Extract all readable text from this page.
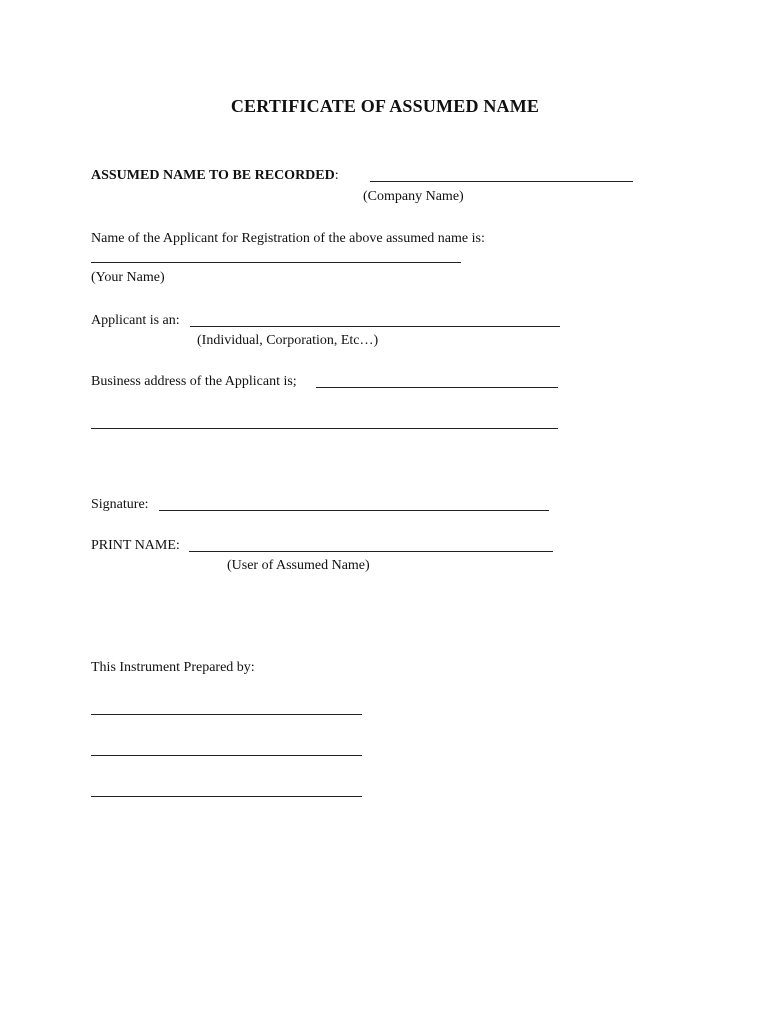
CERTIFICATE OF ASSUMED NAME
ASSUMED NAME TO BE RECORDED:
(Company Name)
Name of the Applicant for Registration of the above assumed name is:
(Your Name)
Applicant is an:
(Individual, Corporation, Etc…)
Business address of the Applicant is;
Signature:
PRINT NAME:
(User of Assumed Name)
This Instrument Prepared by:
